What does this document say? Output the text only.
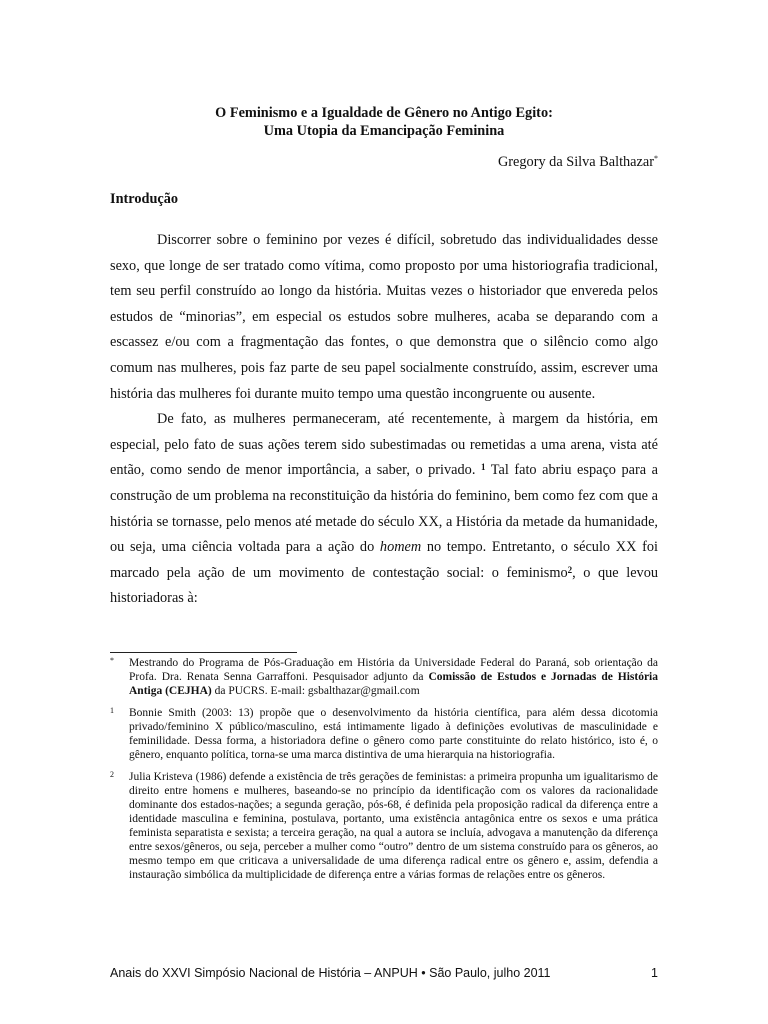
O Feminismo e a Igualdade de Gênero no Antigo Egito:
Uma Utopia da Emancipação Feminina
Gregory da Silva Balthazar*
Introdução

Discorrer sobre o feminino por vezes é difícil, sobretudo das individualidades desse sexo, que longe de ser tratado como vítima, como proposto por uma historiografia tradicional, tem seu perfil construído ao longo da história. Muitas vezes o historiador que envereda pelos estudos de “minorias”, em especial os estudos sobre mulheres, acaba se deparando com a escassez e/ou com a fragmentação das fontes, o que demonstra que o silêncio como algo comum nas mulheres, pois faz parte de seu papel socialmente construído, assim, escrever uma história das mulheres foi durante muito tempo uma questão incongruente ou ausente.

De fato, as mulheres permaneceram, até recentemente, à margem da história, em especial, pelo fato de suas ações terem sido subestimadas ou remetidas a uma arena, vista até então, como sendo de menor importância, a saber, o privado. $^1$ Tal fato abriu espaço para a construção de um problema na reconstituição da história do feminino, bem como fez com que a história se tornasse, pelo menos até metade do século XX, a História da metade da humanidade, ou seja, uma ciência voltada para a ação do homem no tempo. Entretanto, o século XX foi marcado pela ação de um movimento de contestação social: o feminismo$^2$, o que levou historiadoras à:

* Mestrando do Programa de Pós-Graduação em História da Universidade Federal do Paraná, sob orientação da Profa. Dra. Renata Senna Garraffoni. Pesquisador adjunto da Comissão de Estudos e Jornadas de História Antiga (CEJHA) da PUCRS. E-mail: gsbalthazar@gmail.com
1 Bonnie Smith (2003: 13) propõe que o desenvolvimento da história científica, para além dessa dicotomia privado/feminino X público/masculino, está intimamente ligado à definições evolutivas de masculinidade e feminilidade. Dessa forma, a historiadora define o gênero como parte constituinte do relato histórico, isto é, o gênero, enquanto política, torna-se uma marca distintiva de uma hierarquia na historiografia.
2 Julia Kristeva (1986) defende a existência de três gerações de feministas: a primeira propunha um igualitarismo de direito entre homens e mulheres, baseando-se no princípio da identificação com os valores da racionalidade dominante dos estados-nações; a segunda geração, pós-68, é definida pela proposição radical da diferença entre a identidade masculina e feminina, postulava, portanto, uma existência antagônica entre os sexos e uma prática feminista separatista e sexista; a terceira geração, na qual a autora se incluía, advogava a manutenção da diferença entre sexos/gêneros, ou seja, perceber a mulher como “outro” dentro de um sistema construído para os gêneros, ao mesmo tempo em que criticava a universalidade de uma diferença radical entre os gênero e, assim, defendia a instauração simbólica da multiplicidade de diferença entre a várias formas de relações entre os gêneros.
Anais do XXVI Simpósio Nacional de História – ANPUH • São Paulo, julho 2011	1
